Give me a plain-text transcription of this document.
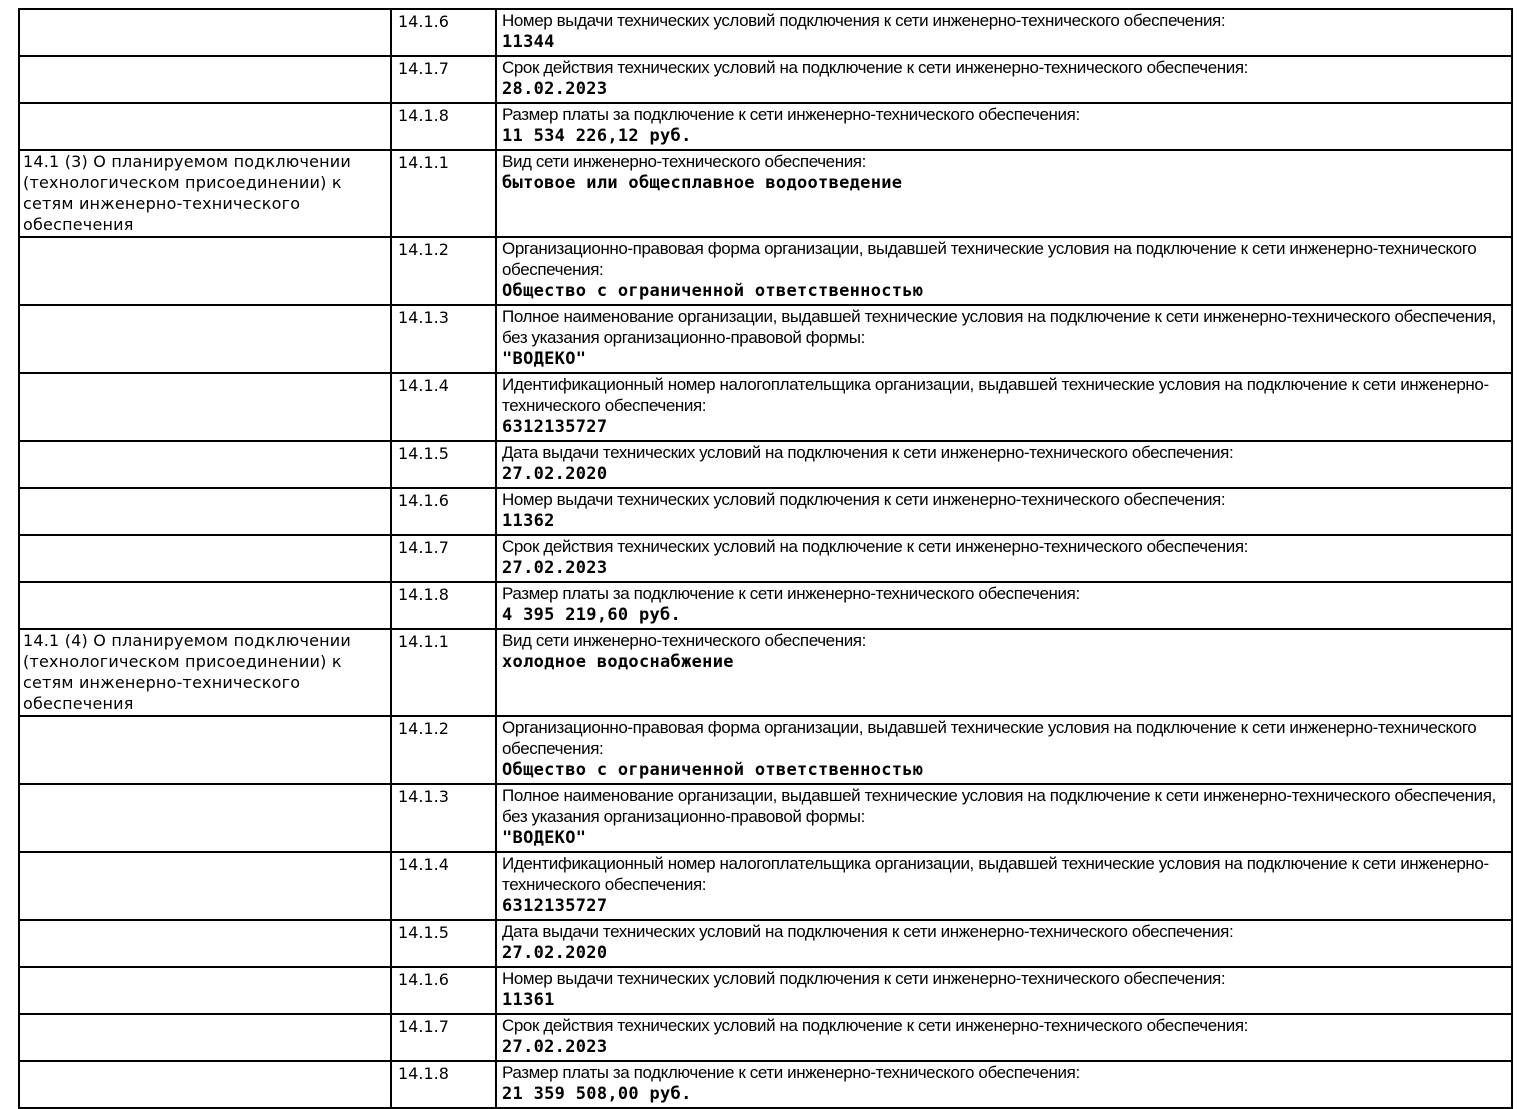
	14.1.6	Номер выдачи технических условий подключения к сети инженерно-технического обеспечения:
11344

	14.1.7	Срок действия технических условий на подключение к сети инженерно-технического обеспечения:
28.02.2023

	14.1.8	Размер платы за подключение к сети инженерно-технического обеспечения:
11 534 226,12 руб.

14.1 (3) О планируемом подключении (технологическом присоединении) к сетям инженерно-технического обеспечения	14.1.1	Вид сети инженерно-технического обеспечения:
бытовое или общесплавное водоотведение

	14.1.2	Организационно-правовая форма организации, выдавшей технические условия на подключение к сети инженерно-технического обеспечения:
Общество с ограниченной ответственностью

	14.1.3	Полное наименование организации, выдавшей технические условия на подключение к сети инженерно-технического обеспечения, без указания организационно-правовой формы:
"ВОДЕКО"

	14.1.4	Идентификационный номер налогоплательщика организации, выдавшей технические условия на подключение к сети инженерно-технического обеспечения:
6312135727

	14.1.5	Дата выдачи технических условий на подключения к сети инженерно-технического обеспечения:
27.02.2020

	14.1.6	Номер выдачи технических условий подключения к сети инженерно-технического обеспечения:
11362

	14.1.7	Срок действия технических условий на подключение к сети инженерно-технического обеспечения:
27.02.2023

	14.1.8	Размер платы за подключение к сети инженерно-технического обеспечения:
4 395 219,60 руб.

14.1 (4) О планируемом подключении (технологическом присоединении) к сетям инженерно-технического обеспечения	14.1.1	Вид сети инженерно-технического обеспечения:
холодное водоснабжение

	14.1.2	Организационно-правовая форма организации, выдавшей технические условия на подключение к сети инженерно-технического обеспечения:
Общество с ограниченной ответственностью

	14.1.3	Полное наименование организации, выдавшей технические условия на подключение к сети инженерно-технического обеспечения, без указания организационно-правовой формы:
"ВОДЕКО"

	14.1.4	Идентификационный номер налогоплательщика организации, выдавшей технические условия на подключение к сети инженерно-технического обеспечения:
6312135727

	14.1.5	Дата выдачи технических условий на подключения к сети инженерно-технического обеспечения:
27.02.2020

	14.1.6	Номер выдачи технических условий подключения к сети инженерно-технического обеспечения:
11361

	14.1.7	Срок действия технических условий на подключение к сети инженерно-технического обеспечения:
27.02.2023

	14.1.8	Размер платы за подключение к сети инженерно-технического обеспечения:
21 359 508,00 руб.
